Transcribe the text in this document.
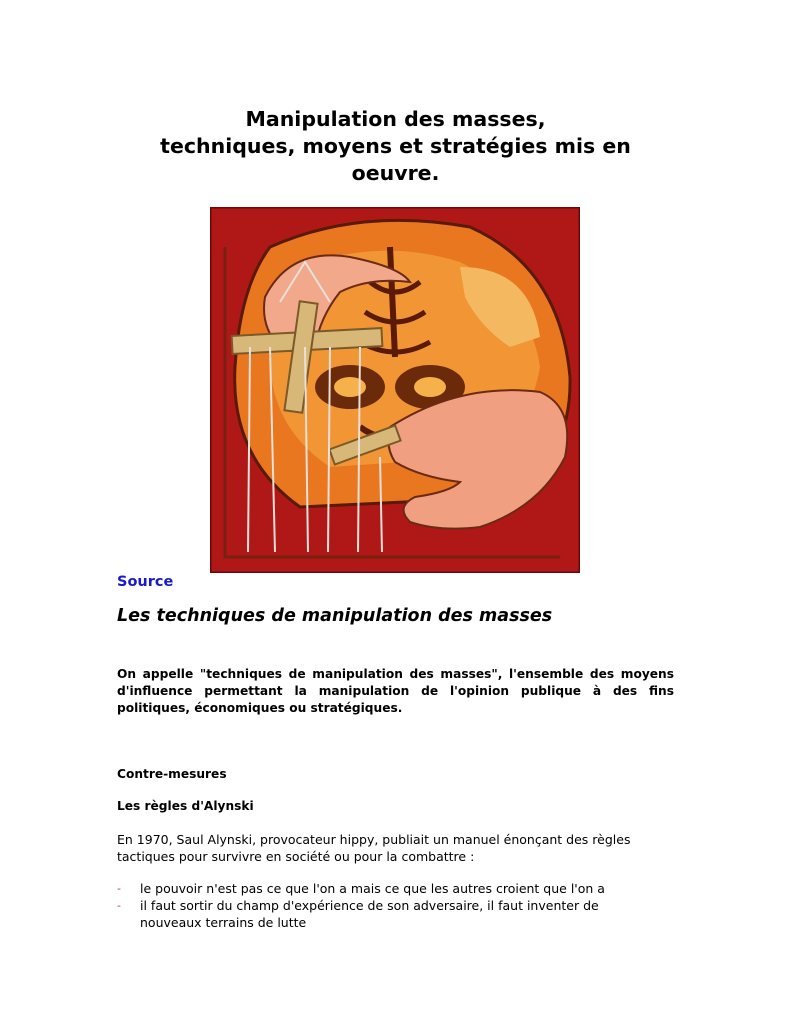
Manipulation des masses,
techniques, moyens et stratégies mis en
oeuvre.
Source
Les techniques de manipulation des masses

On appelle "techniques de manipulation des masses", l'ensemble des moyens d'influence permettant la manipulation de l'opinion publique à des fins politiques, économiques ou stratégiques.

Contre-mesures
Les règles d'Alynski

En 1970, Saul Alynski, provocateur hippy, publiait un manuel énonçant des règles tactiques pour survivre en société ou pour la combattre :

- le pouvoir n'est pas ce que l'on a mais ce que les autres croient que l'on a
- il faut sortir du champ d'expérience de son adversaire, il faut inventer de nouveaux terrains de lutte
